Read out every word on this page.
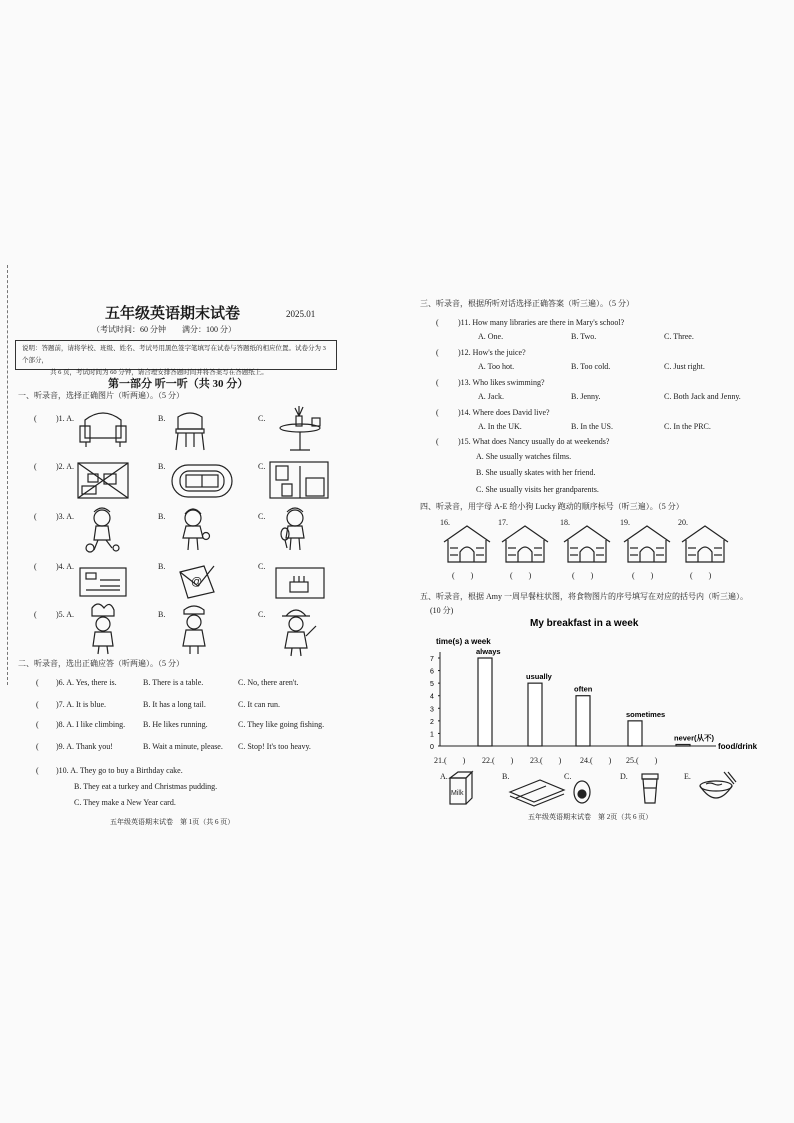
五年级英语期末试卷	2025.01
（考试时间：60 分钟　　满分：100 分）
说明：答题前，请将学校、班级、姓名、考试号用黑色签字笔填写在试卷与答题纸的相应位置。试卷分为 3 个部分，
共 6 页，考试时间为 60 分钟，请合理安排答题时间并将答案写在答题纸上。
第一部分 听一听（共 30 分）
一、听录音，选择正确图片（听两遍）。（5 分）
( )1. A.	B.	C.
( )2. A.	B.	C.
( )3. A.	B.	C.
( )4. A.	B.	C.
( )5. A.	B.	C.
@
二、听录音，选出正确应答（听两遍）。（5 分）
( )6. A. Yes, there is.	B. There is a table.	C. No, there aren't.
( )7. A. It is blue.	B. It has a long tail.	C. It can run.
( )8. A. I like climbing. B. He likes running.	C. They like going fishing.
( )9. A. Thank you!	B. Wait a minute, please. C. Stop! It's too heavy.
( )10. A. They go to buy a Birthday cake.
B. They eat a turkey and Christmas pudding.
C. They make a New Year card.
五年级英语期末试卷　第 1页（共 6 页）
三、听录音，根据所听对话选择正确答案（听三遍）。（5 分）
( )11. How many libraries are there in Mary's school?
A. One.	B. Two.	C. Three.
( )12. How's the juice?
A. Too hot.	B. Too cold.	C. Just right.
( )13. Who likes swimming?
A. Jack.	B. Jenny.	C. Both Jack and Jenny.
( )14. Where does David live?
A. In the UK.	B. In the US.	C. In the PRC.
( )15. What does Nancy usually do at weekends?
A. She usually watches films.
B. She usually skates with her friend.
C. She usually visits her grandparents.
四、听录音，用字母 A-E 给小狗 Lucky 跑动的顺序标号（听三遍）。（5 分）
16.
(　　)
17.
(　　)
18.
(　　)
19.
(　　)
20.
(　　)
五、听录音，根据 Amy 一周早餐柱状图，将食物图片的序号填写在对应的括号内（听三遍）。
(10 分)
My breakfast in a week
time(s) a week
food/drink
0
1
2
3
4
5
6
7
always
usually
often
sometimes
never(从不)
21.(　　) 22.(　　) 23.(　　) 24.(　　) 25.(　　)
Milk
A.	B.	C.	D.	E.
五年级英语期末试卷　第 2页（共 6 页）
